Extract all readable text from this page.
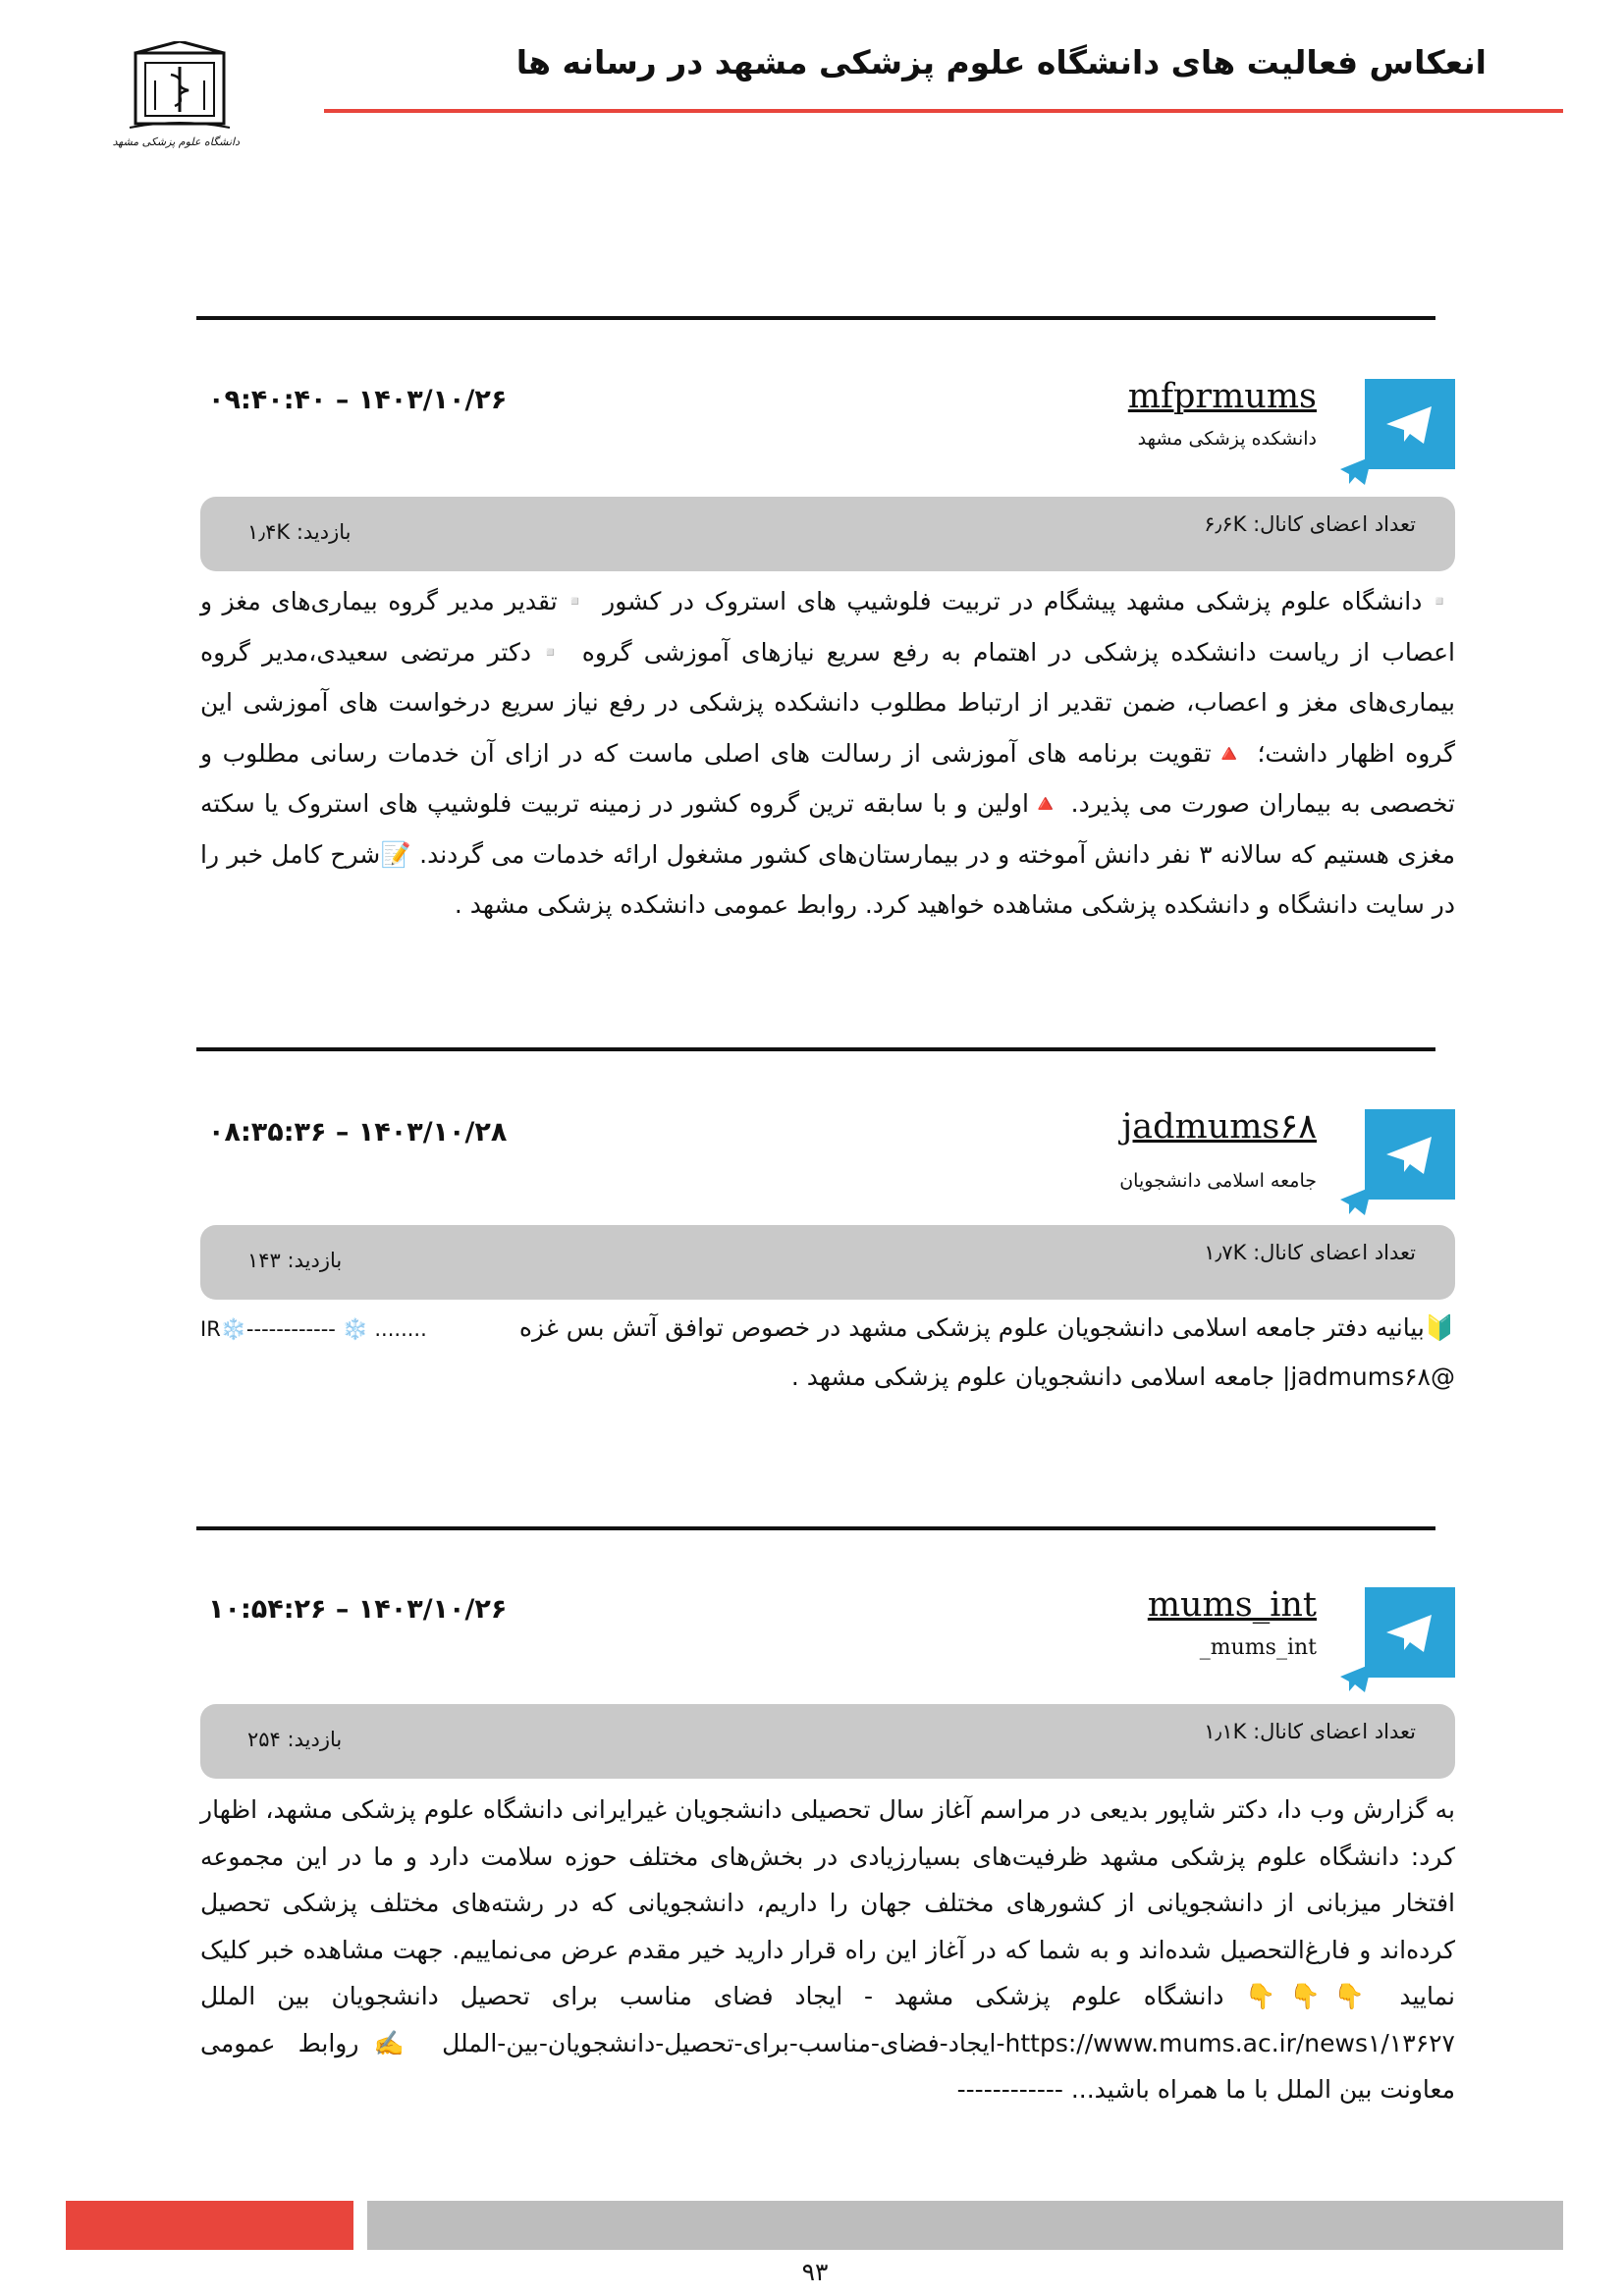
انعکاس فعالیت های دانشگاه علوم پزشکی مشهد در رسانه ها
دانشگاه علوم پزشکی مشهد
mfprmums
دانشکده پزشکی مشهد
۰۹:۴۰:۴۰ – ۱۴۰۳/۱۰/۲۶
تعداد اعضای کانال: ۶٫۶K
بازدید: ۱٫۴K
▫️دانشگاه علوم پزشکی مشهد پیشگام در تربیت فلوشیپ های استروک در کشور ▫️تقدیر مدیر گروه بیماری‌های مغز و اعصاب از ریاست دانشکده پزشکی در اهتمام به رفع سریع نیازهای آموزشی گروه ▫️دکتر مرتضی سعیدی،مدیر گروه بیماری‌های مغز و اعصاب، ضمن تقدیر از ارتباط مطلوب دانشکده پزشکی در رفع نیاز سریع درخواست های آموزشی این گروه اظهار داشت؛ 🔺تقویت برنامه های آموزشی از رسالت های اصلی ماست که در ازای آن خدمات رسانی مطلوب و تخصصی به بیماران صورت می پذیرد. 🔺اولین و با سابقه ترین گروه کشور در زمینه تربیت فلوشیپ های استروک یا سکته مغزی هستیم که سالانه ۳ نفر دانش آموخته و در بیمارستان‌های کشور مشغول ارائه خدمات می گردند. 📝شرح کامل خبر را در سایت دانشگاه و دانشکده پزشکی مشاهده خواهید کرد. روابط عمومی دانشکده پزشکی مشهد .
jadmums۶۸
جامعه اسلامی دانشجویان
۰۸:۳۵:۳۶ – ۱۴۰۳/۱۰/۲۸
تعداد اعضای کانال: ۱٫۷K
بازدید: ۱۴۳
🔰بیانیه دفتر جامعه اسلامی دانشجویان علوم پزشکی مشهد در خصوص توافق آتش بس غزه
IR❄️------------ ❄️ ........
@jadmums۶۸| جامعه اسلامی دانشجویان علوم پزشکی مشهد .
mums_int
mums_int_
۱۰:۵۴:۲۶ – ۱۴۰۳/۱۰/۲۶
تعداد اعضای کانال: ۱٫۱K
بازدید: ۲۵۴
به گزارش وب دا، دکتر شاپور بدیعی در مراسم آغاز سال تحصیلی دانشجویان غیرایرانی دانشگاه علوم پزشکی مشهد، اظهار کرد: دانشگاه علوم پزشکی مشهد ظرفیت‌های بسیارزیادی در بخش‌های مختلف حوزه سلامت دارد و ما در این مجموعه افتخار میزبانی از دانشجویانی از کشورهای مختلف جهان را داریم، دانشجویانی که در رشته‌های مختلف پزشکی تحصیل کرده‌اند و فارغ‌التحصیل شده‌اند و به شما که در آغاز این راه قرار دارید خیر مقدم عرض می‌نماییم. جهت مشاهده خبر کلیک نمایید 👇👇👇 دانشگاه علوم پزشکی مشهد - ایجاد فضای مناسب برای تحصیل دانشجویان بین الملل https://www.mums.ac.ir/news۱/۱۳۶۲۷-ایجاد-فضای-مناسب-برای-تحصیل-دانشجویان-بین-الملل ✍️روابط عمومی معاونت بین الملل با ما همراه باشید... ------------
۹۳
